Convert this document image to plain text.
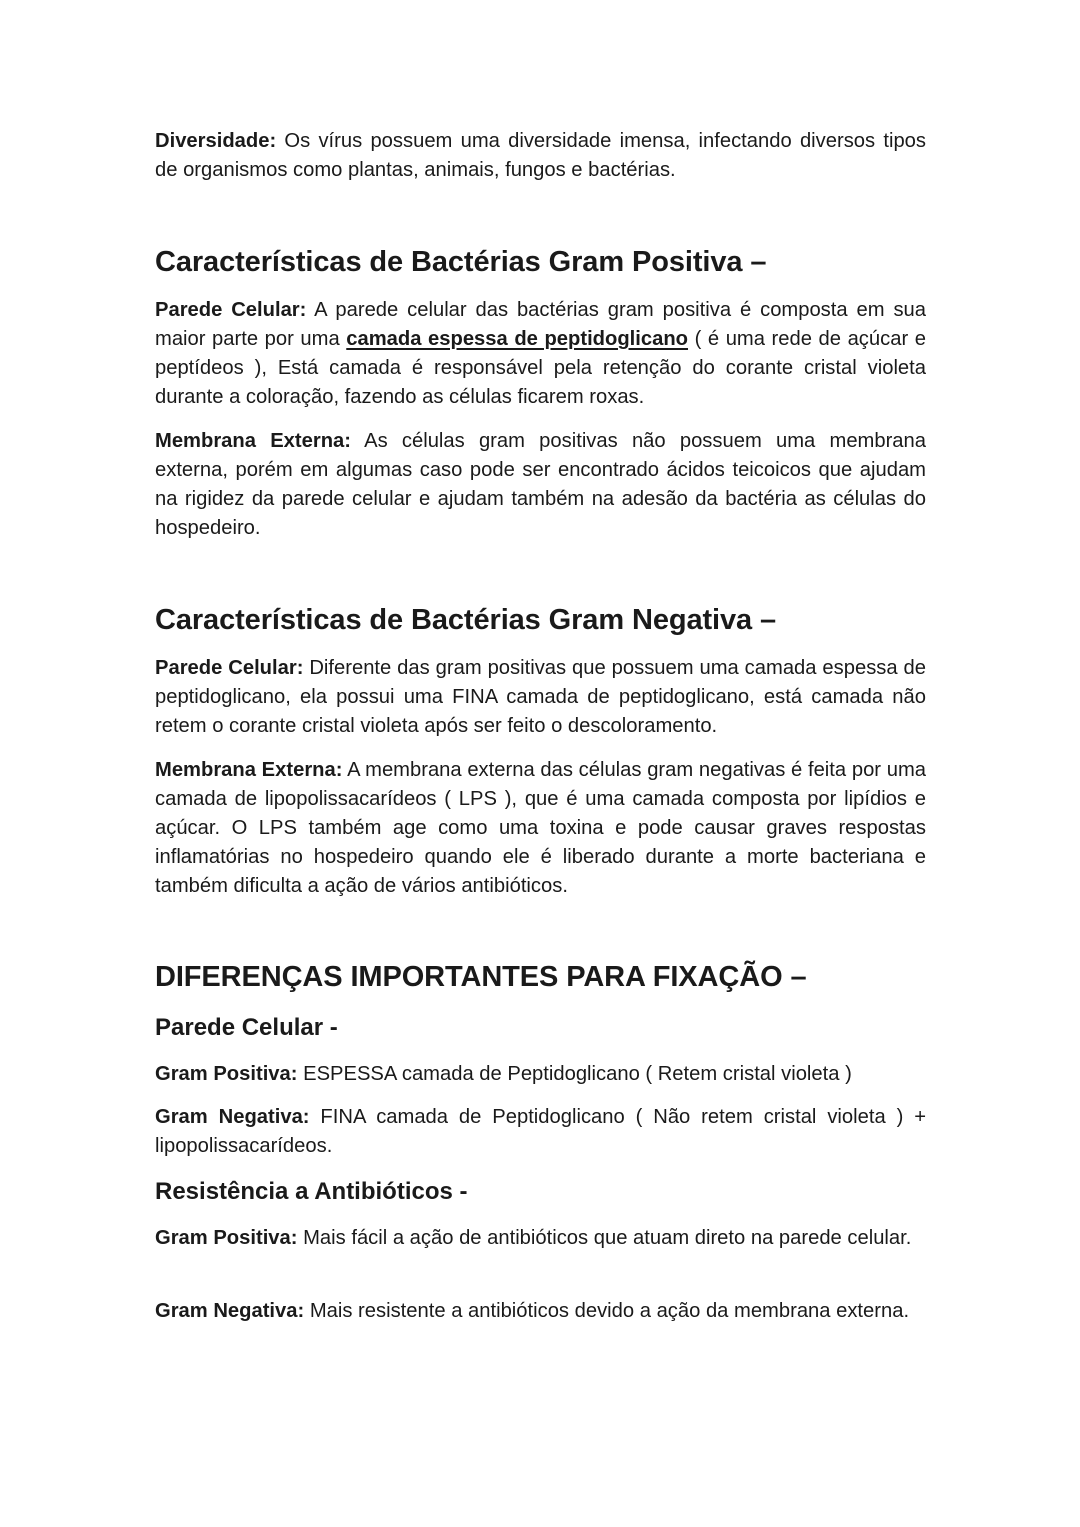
Diversidade: Os vírus possuem uma diversidade imensa, infectando diversos tipos de organismos como plantas, animais, fungos e bactérias.

Características de Bactérias Gram Positiva –

Parede Celular: A parede celular das bactérias gram positiva é composta em sua maior parte por uma camada espessa de peptidoglicano ( é uma rede de açúcar e peptídeos ), Está camada é responsável pela retenção do corante cristal violeta durante a coloração, fazendo as células ficarem roxas.

Membrana Externa: As células gram positivas não possuem uma membrana externa, porém em algumas caso pode ser encontrado ácidos teicoicos que ajudam na rigidez da parede celular e ajudam também na adesão da bactéria as células do hospedeiro.

Características de Bactérias Gram Negativa –

Parede Celular: Diferente das gram positivas que possuem uma camada espessa de peptidoglicano, ela possui uma FINA camada de peptidoglicano, está camada não retem o corante cristal violeta após ser feito o descoloramento.

Membrana Externa: A membrana externa das células gram negativas é feita por uma camada de lipopolissacarídeos ( LPS ), que é uma camada composta por lipídios e açúcar. O LPS também age como uma toxina e pode causar graves respostas inflamatórias no hospedeiro quando ele é liberado durante a morte bacteriana e também dificulta a ação de vários antibióticos.

DIFERENÇAS IMPORTANTES PARA FIXAÇÃO –
Parede Celular -

Gram Positiva: ESPESSA camada de Peptidoglicano ( Retem cristal violeta )

Gram Negativa: FINA camada de Peptidoglicano ( Não retem cristal violeta ) + lipopolissacarídeos.

Resistência a Antibióticos -

Gram Positiva: Mais fácil a ação de antibióticos que atuam direto na parede celular.

Gram Negativa: Mais resistente a antibióticos devido a ação da membrana externa.
